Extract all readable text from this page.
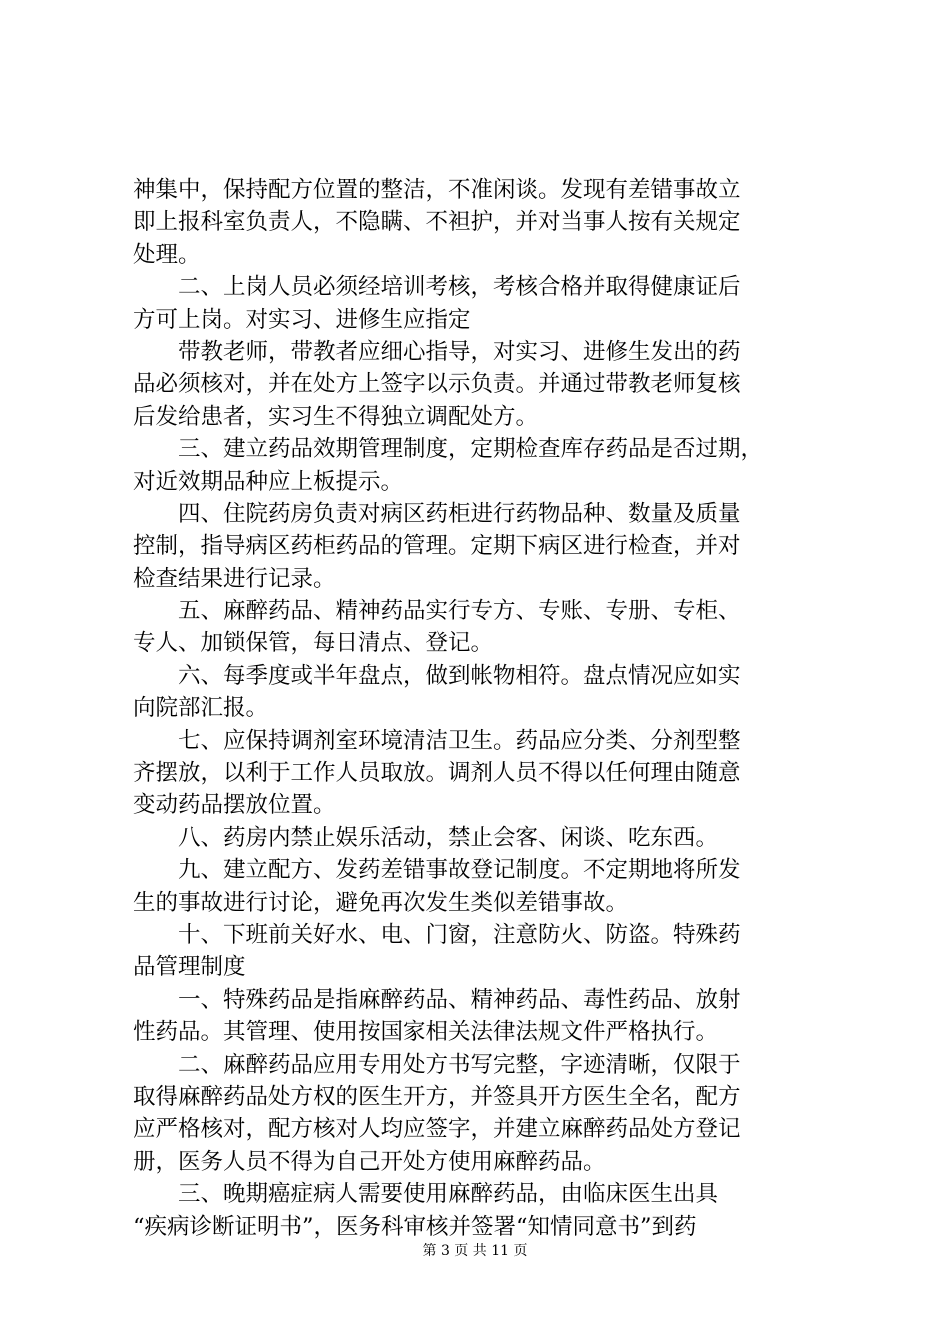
神集中，保持配方位置的整洁，不准闲谈。发现有差错事故立
即上报科室负责人，不隐瞒、不袒护，并对当事人按有关规定
处理。
　　二、上岗人员必须经培训考核，考核合格并取得健康证后
方可上岗。对实习、进修生应指定
　　带教老师，带教者应细心指导，对实习、进修生发出的药
品必须核对，并在处方上签字以示负责。并通过带教老师复核
后发给患者，实习生不得独立调配处方。
　　三、建立药品效期管理制度，定期检查库存药品是否过期，
对近效期品种应上板提示。
　　四、住院药房负责对病区药柜进行药物品种、数量及质量
控制，指导病区药柜药品的管理。定期下病区进行检查，并对
检查结果进行记录。
　　五、麻醉药品、精神药品实行专方、专账、专册、专柜、
专人、加锁保管，每日清点、登记。
　　六、每季度或半年盘点，做到帐物相符。盘点情况应如实
向院部汇报。
　　七、应保持调剂室环境清洁卫生。药品应分类、分剂型整
齐摆放，以利于工作人员取放。调剂人员不得以任何理由随意
变动药品摆放位置。
　　八、药房内禁止娱乐活动，禁止会客、闲谈、吃东西。
　　九、建立配方、发药差错事故登记制度。不定期地将所发
生的事故进行讨论，避免再次发生类似差错事故。
　　十、下班前关好水、电、门窗，注意防火、防盗。特殊药
品管理制度
　　一、特殊药品是指麻醉药品、精神药品、毒性药品、放射
性药品。其管理、使用按国家相关法律法规文件严格执行。
　　二、麻醉药品应用专用处方书写完整，字迹清晰，仅限于
取得麻醉药品处方权的医生开方，并签具开方医生全名，配方
应严格核对，配方核对人均应签字，并建立麻醉药品处方登记
册，医务人员不得为自己开处方使用麻醉药品。
　　三、晚期癌症病人需要使用麻醉药品，由临床医生出具
“疾病诊断证明书”，医务科审核并签署“知情同意书”到药
第 3 页 共 11 页
